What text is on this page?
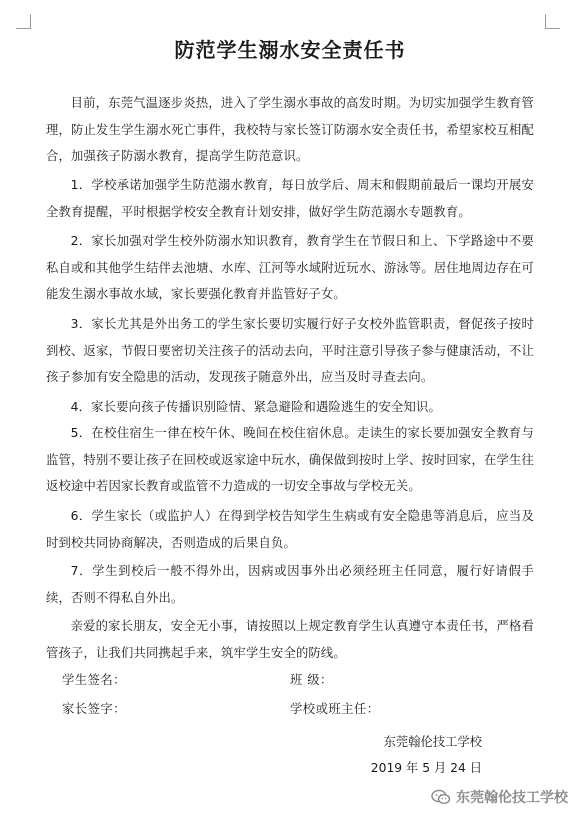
防范学生溺水安全责任书

目前，东莞气温逐步炎热，进入了学生溺水事故的高发时期。为切实加强学生教育管理，防止发生学生溺水死亡事件，我校特与家长签订防溺水安全责任书，希望家校互相配合，加强孩子防溺水教育，提高学生防范意识。

1．学校承诺加强学生防范溺水教育，每日放学后、周末和假期前最后一课均开展安全教育提醒，平时根据学校安全教育计划安排，做好学生防范溺水专题教育。

2．家长加强对学生校外防溺水知识教育，教育学生在节假日和上、下学路途中不要私自或和其他学生结伴去池塘、水库、江河等水域附近玩水、游泳等。居住地周边存在可能发生溺水事故水域，家长要强化教育并监管好子女。

3．家长尤其是外出务工的学生家长要切实履行好子女校外监管职责，督促孩子按时到校、返家，节假日要密切关注孩子的活动去向，平时注意引导孩子参与健康活动，不让孩子参加有安全隐患的活动，发现孩子随意外出，应当及时寻查去向。

4．家长要向孩子传播识别险情、紧急避险和遇险逃生的安全知识。

5．在校住宿生一律在校午休、晚间在校住宿休息。走读生的家长要加强安全教育与监管，特别不要让孩子在回校或返家途中玩水，确保做到按时上学、按时回家，在学生往返校途中若因家长教育或监管不力造成的一切安全事故与学校无关。

6．学生家长（或监护人）在得到学校告知学生生病或有安全隐患等消息后，应当及时到校共同协商解决，否则造成的后果自负。

7．学生到校后一般不得外出，因病或因事外出必须经班主任同意，履行好请假手续，否则不得私自外出。

亲爱的家长朋友，安全无小事，请按照以上规定教育学生认真遵守本责任书，严格看管孩子，让我们共同携起手来，筑牢学生安全的防线。

学生签名：	班 级：
家长签字：	学校或班主任：
东莞翰伦技工学校
2019 年 5 月 24 日
东莞翰伦技工学校
